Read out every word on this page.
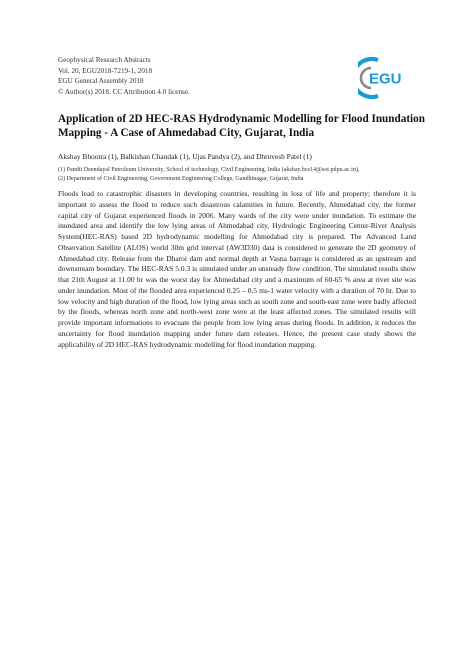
Geophysical Research Abstracts
Vol. 20, EGU2018-7219-1, 2018
EGU General Assembly 2018
© Author(s) 2018. CC Attribution 4.0 license.
EGU
Application of 2D HEC-RAS Hydrodynamic Modelling for Flood Inundation Mapping - A Case of Ahmedabad City, Gujarat, India
Akshay Bhootra (1), Balkishan Chandak (1), Ujas Pandya (2), and Dhruvesh Patel (1)
(1) Pandit Deendayal Petroleum University, School of technology, Civil Engineering, India (akshay.bce14@sot.pdpu.ac.in),
(2) Department of Civil Engineering, Government Engineering College, Gandhinagar, Gujarat, India

Floods lead to catastrophic disasters in developing countries, resulting in loss of life and property; therefore it is important to assess the flood to reduce such disastrous calamities in future. Recently, Ahmedabad city, the former capital city of Gujarat experienced floods in 2006. Many wards of the city were under inundation. To estimate the inundated area and identify the low lying areas of Ahmedabad city, Hydrologic Engineering Center-River Analysis System(HEC-RAS) based 2D hydrodynamic modelling for Ahmedabad city is prepared. The Advanced Land Observation Satellite (ALOS) world 30m grid interval (AW3D30) data is considered to generate the 2D geometry of Ahmedabad city. Release from the Dharoi dam and normal depth at Vasna barrage is considered as an upstream and downstream boundary. The HEC-RAS 5.0.3 is simulated under an unsteady flow condition. The simulated results show that 21th August at 11.00 hr was the worst day for Ahmedabad city and a maximum of 60-65 % area at river site was under inundation. Most of the flooded area experienced 0.25 – 0.5 ms-1 water velocity with a duration of 70 hr. Due to low velocity and high duration of the flood, low lying areas such as south zone and south-east zone were badly affected by the floods, whereas north zone and north-west zone were at the least affected zones. The simulated results will provide important informations to evacuate the people from low lying areas during floods. In addition, it reduces the uncertainty for flood inundation mapping under future dam releases. Hence, the present case study shows the applicability of 2D HEC-RAS hydrodynamic modelling for flood inundation mapping.
